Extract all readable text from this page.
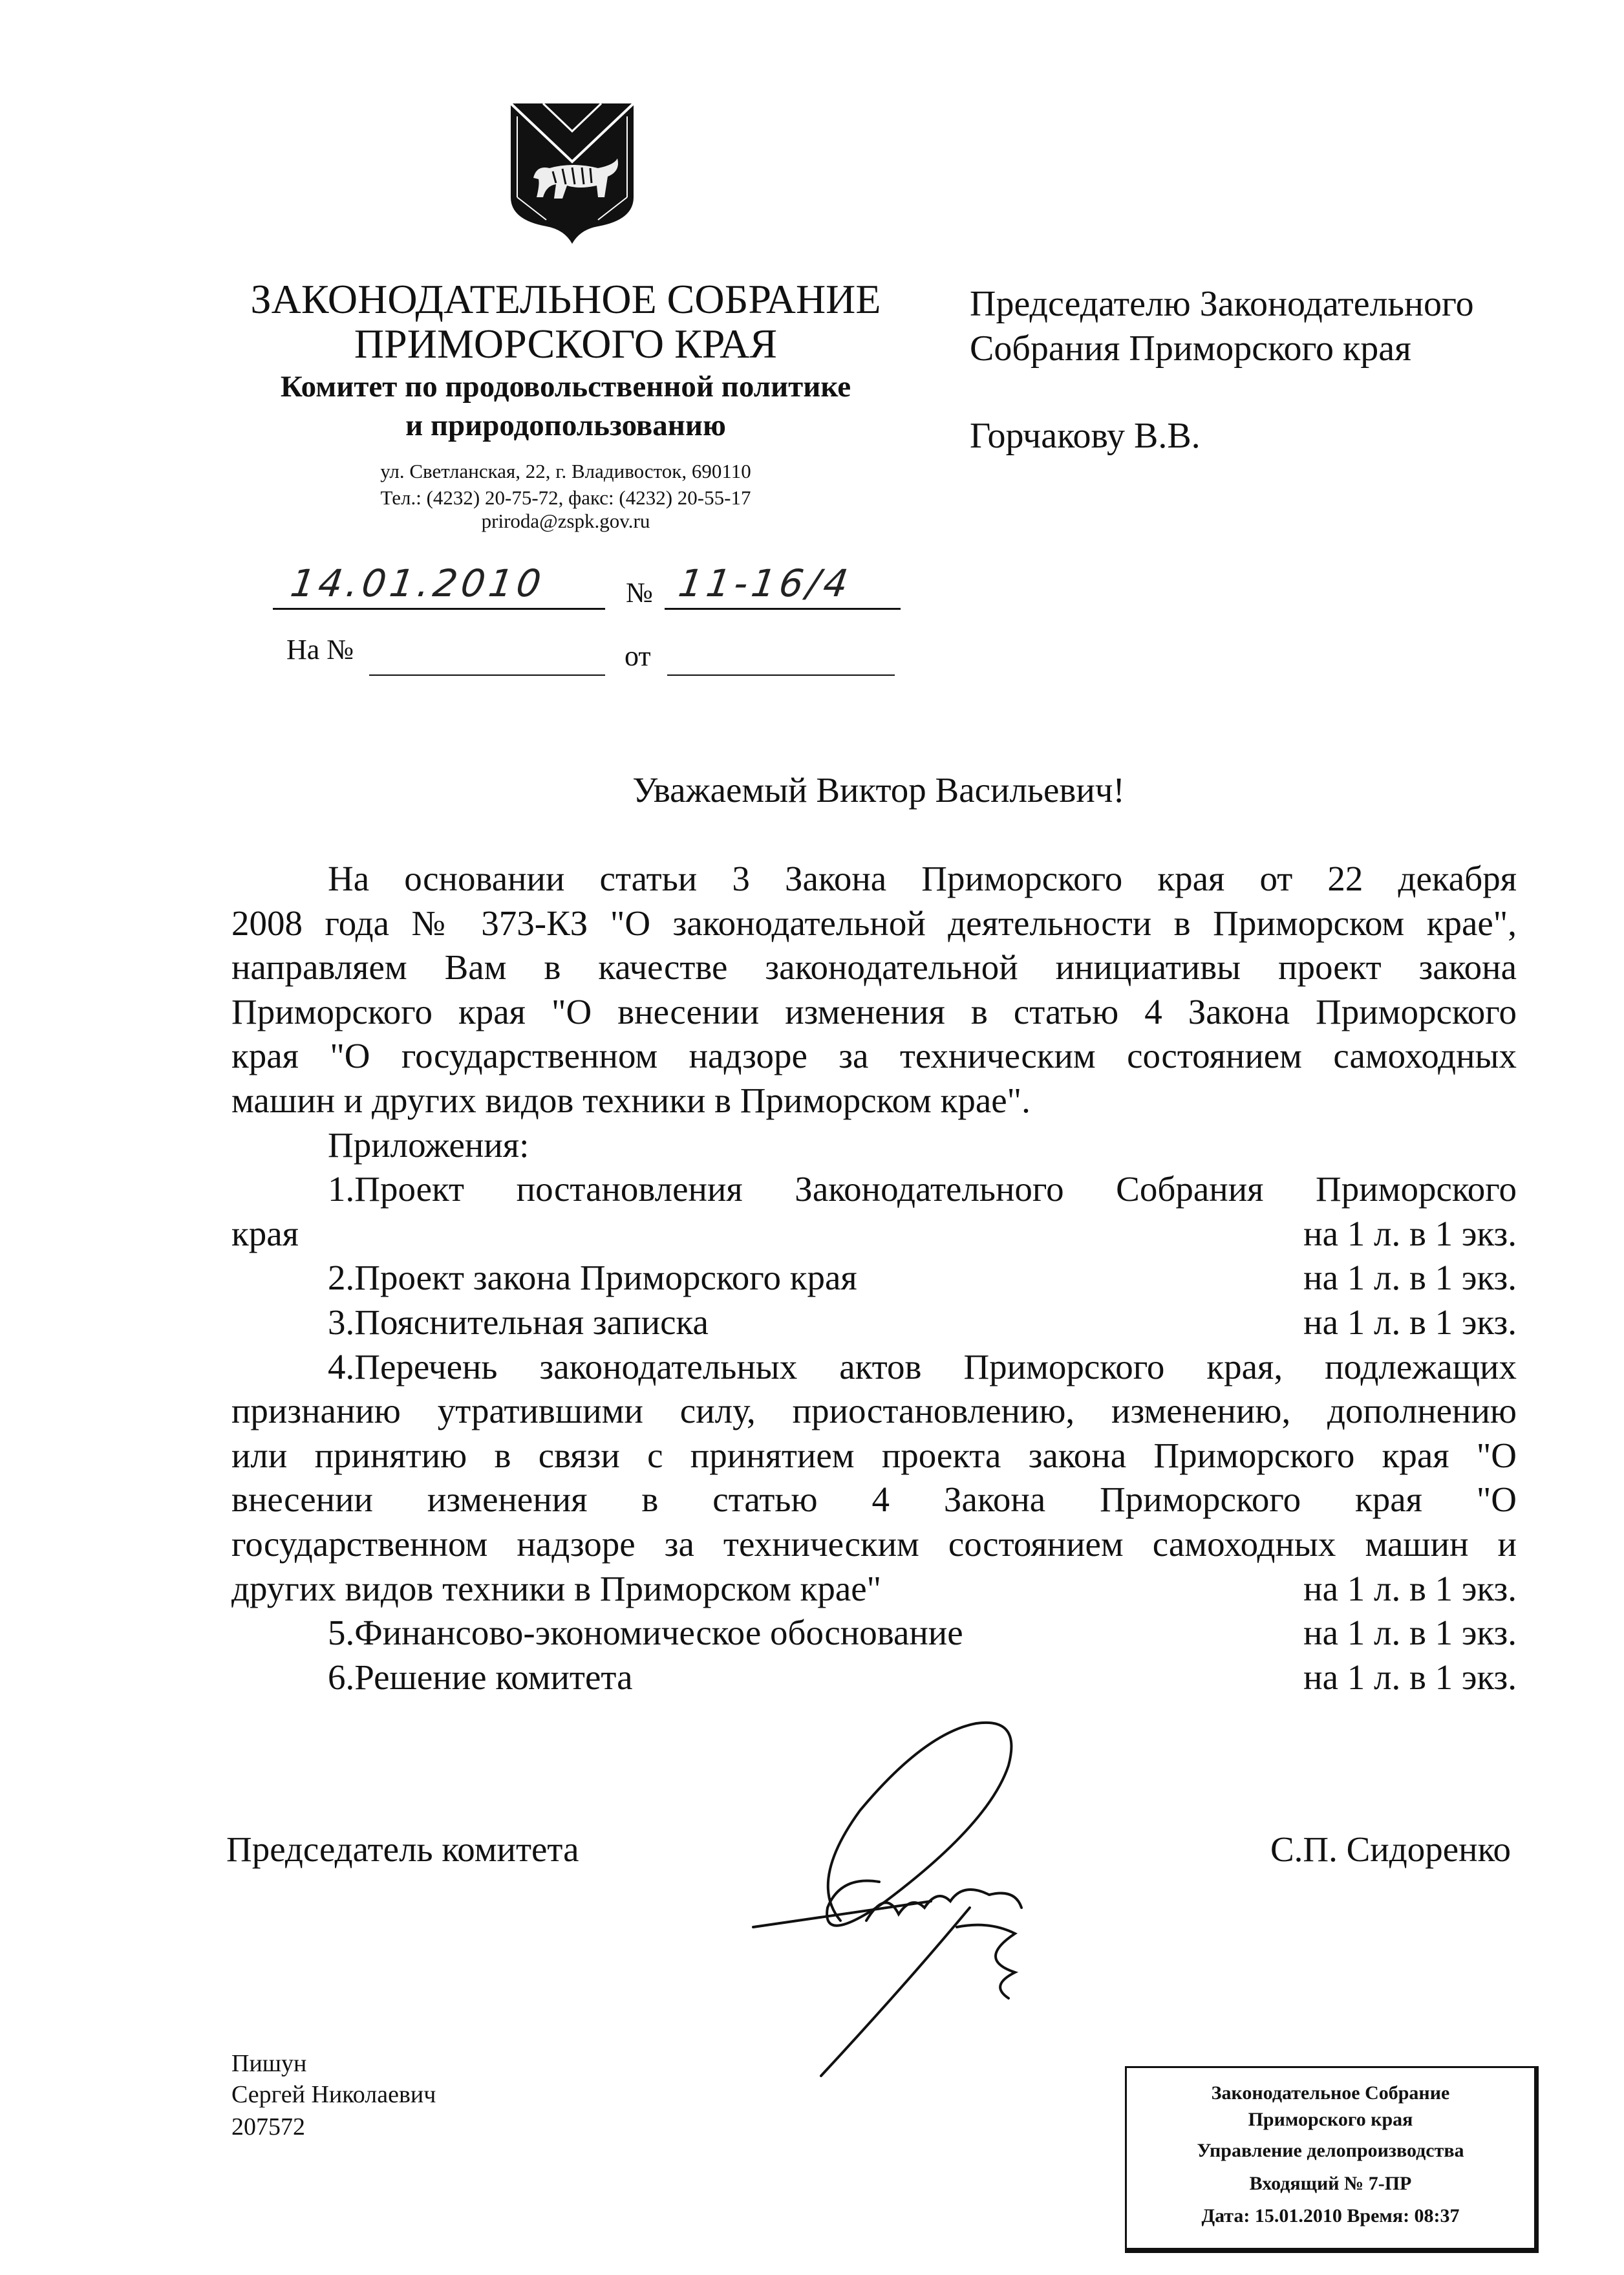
ЗАКОНОДАТЕЛЬНОЕ СОБРАНИЕ
ПРИМОРСКОГО КРАЯ
Комитет по продовольственной политике
и природопользованию
ул. Светланская, 22, г. Владивосток, 690110
Тел.: (4232) 20-75-72, факс: (4232) 20-55-17
priroda@zspk.gov.ru
14.01.2010	№ 11-16/4
На №	от
Председателю Законодательного
Собрания Приморского края
Горчакову В.В.
Уважаемый Виктор Васильевич!
На основании статьи 3 Закона Приморского края от 22 декабря
2008 года № 373-КЗ "О законодательной деятельности в Приморском крае",
направляем Вам в качестве законодательной инициативы проект закона
Приморского края "О внесении изменения в статью 4 Закона Приморского
края "О государственном надзоре за техническим состоянием самоходных
машин и других видов техники в Приморском крае".
Приложения:
1.Проект постановления Законодательного Собрания Приморского
края	на 1 л. в 1 экз.
2.Проект закона Приморского края	на 1 л. в 1 экз.
3.Пояснительная записка	на 1 л. в 1 экз.
4.Перечень законодательных актов Приморского края, подлежащих
признанию утратившими силу, приостановлению, изменению, дополнению
или принятию в связи с принятием проекта закона Приморского края "О
внесении изменения в статью 4 Закона Приморского края "О
государственном надзоре за техническим состоянием самоходных машин и
других видов техники в Приморском крае"	на 1 л. в 1 экз.
5.Финансово-экономическое обоснование	на 1 л. в 1 экз.
6.Решение комитета	на 1 л. в 1 экз.
Председатель комитета	С.П. Сидоренко
Пишун
Сергей Николаевич
207572
Законодательное Собрание
Приморского края
Управление делопроизводства
Входящий № 7-ПР
Дата: 15.01.2010 Время: 08:37
